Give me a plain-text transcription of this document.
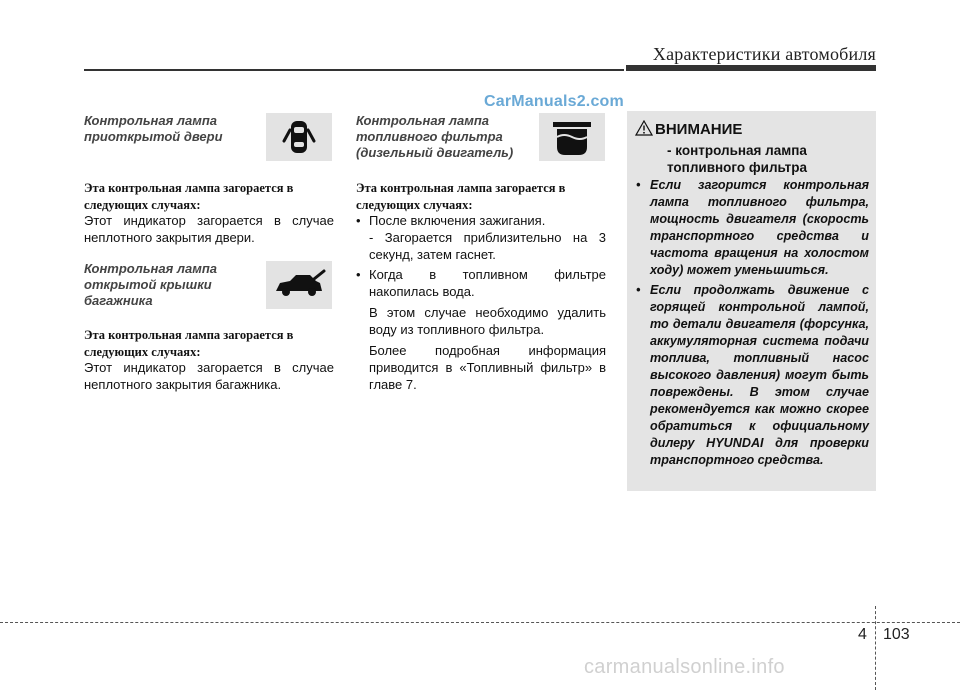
Характеристики автомобиля
CarManuals2.com
Контрольная лампа
приоткрытой двери
Эта контрольная лампа загорается в
следующих случаях:
Этот индикатор загорается в случае неплотного закрытия двери.
Контрольная лампа
открытой крышки
багажника
Эта контрольная лампа загорается в
следующих случаях:
Этот индикатор загорается в случае неплотного закрытия багажника.
Контрольная лампа
топливного фильтра
(дизельный двигатель)
Эта контрольная лампа загорается в
следующих случаях:
• После включения зажигания.
- Загорается приблизительно на 3 секунд, затем гаснет.
• Когда в топливном фильтре накопилась вода.
В этом случае необходимо удалить воду из топливного фильтра.
Более подробная информация приводится в «Топливный фильтр» в главе 7.
ВНИМАНИЕ
- контрольная лампа топливного фильтра
• Если загорится контрольная лампа топливного фильтра, мощность двигателя (скорость транспортного средства и частота вращения на холостом ходу) может уменьшиться.
• Если продолжать движение с горящей контрольной лампой, то детали двигателя (форсунка, аккумуляторная система подачи топлива, топливный насос высокого давления) могут быть повреждены. В этом случае рекомендуется как можно скорее обратиться к официальному дилеру HYUNDAI для проверки транспортного средства.
4 103
carmanualsonline.info
